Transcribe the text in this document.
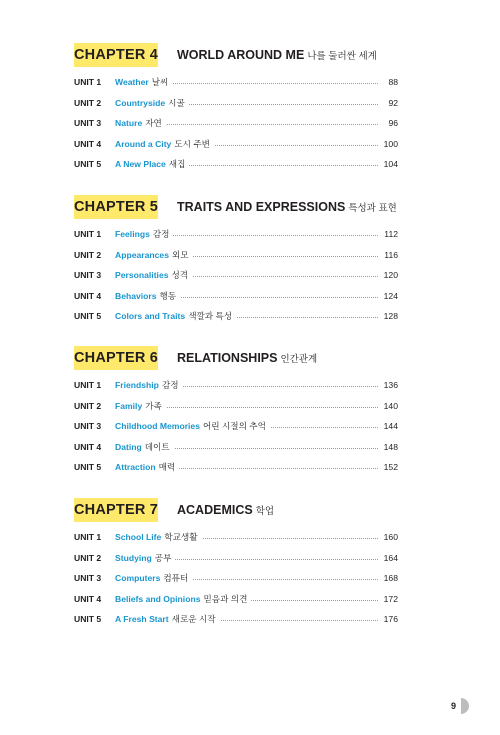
CHAPTER 4 WORLD AROUND ME 나를 둘러싼 세계
UNIT 1 Weather 날씨	88
UNIT 2 Countryside 시골	92
UNIT 3 Nature 자연	96
UNIT 4 Around a City 도시 주변	100
UNIT 5 A New Place 새집	104
CHAPTER 5 TRAITS AND EXPRESSIONS 특성과 표현
UNIT 1 Feelings 감정	112
UNIT 2 Appearances 외모	116
UNIT 3 Personalities 성격	120
UNIT 4 Behaviors 행동	124
UNIT 5 Colors and Traits 색깔과 특성	128
CHAPTER 6 RELATIONSHIPS 인간관계
UNIT 1 Friendship 감정	136
UNIT 2 Family 가족	140
UNIT 3 Childhood Memories 어린 시절의 추억	144
UNIT 4 Dating 데이트	148
UNIT 5 Attraction 매력	152
CHAPTER 7 ACADEMICS 학업
UNIT 1 School Life 학교생활	160
UNIT 2 Studying 공부	164
UNIT 3 Computers 컴퓨터	168
UNIT 4 Beliefs and Opinions 믿음과 의견	172
UNIT 5 A Fresh Start 새로운 시작	176
9
